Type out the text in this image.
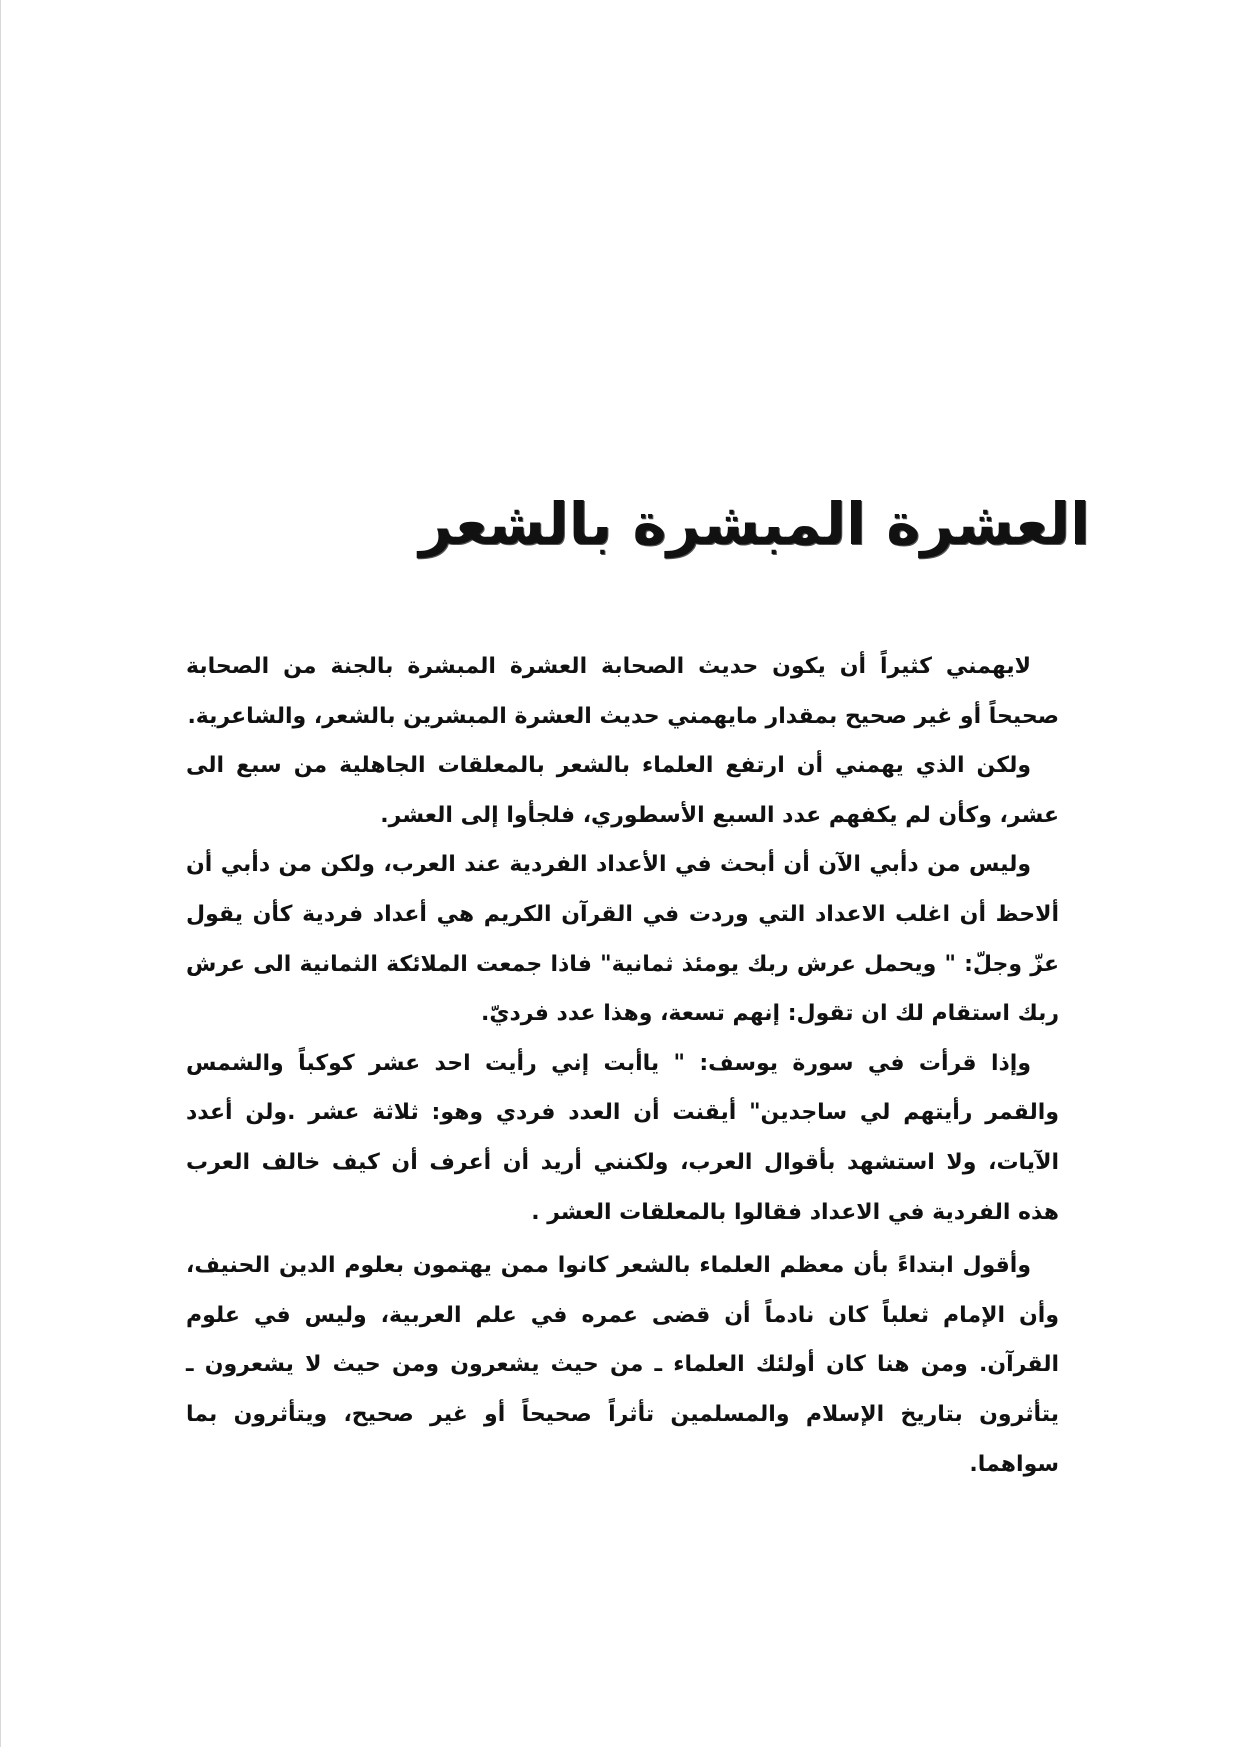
العشرة المبشرة بالشعر

لايهمني كثيراً أن يكون حديث الصحابة العشرة المبشرة بالجنة من الصحابة صحيحاً أو غير صحيح بمقدار مايهمني حديث العشرة المبشرين بالشعر، والشاعرية.

ولكن الذي يهمني أن ارتفع العلماء بالشعر بالمعلقات الجاهلية من سبع الى عشر، وكأن لم يكفهم عدد السبع الأسطوري، فلجأوا إلى العشر.

وليس من دأبي الآن أن أبحث في الأعداد الفردية عند العرب، ولكن من دأبي أن ألاحظ أن اغلب الاعداد التي وردت في القرآن الكريم هي أعداد فردية كأن يقول عزّ وجلّ: " ويحمل عرش ربك يومئذ ثمانية" فاذا جمعت الملائكة الثمانية الى عرش ربك استقام لك ان تقول: إنهم تسعة، وهذا عدد فرديّ.

وإذا قرأت في سورة يوسف: " ياأبت إني رأيت احد عشر كوكباً والشمس والقمر رأيتهم لي ساجدين" أيقنت أن العدد فردي وهو: ثلاثة عشر .ولن أعدد الآيات، ولا استشهد بأقوال العرب، ولكنني أريد أن أعرف أن كيف خالف العرب هذه الفردية في الاعداد فقالوا بالمعلقات العشر .

وأقول ابتداءً بأن معظم العلماء بالشعر كانوا ممن يهتمون بعلوم الدين الحنيف، وأن الإمام ثعلباً كان نادماً أن قضى عمره في علم العربية، وليس في علوم القرآن. ومن هنا كان أولئك العلماء ـ من حيث يشعرون ومن حيث لا يشعرون ـ يتأثرون بتاريخ الإسلام والمسلمين تأثراً صحيحاً أو غير صحيح، ويتأثرون بما سواهما.
